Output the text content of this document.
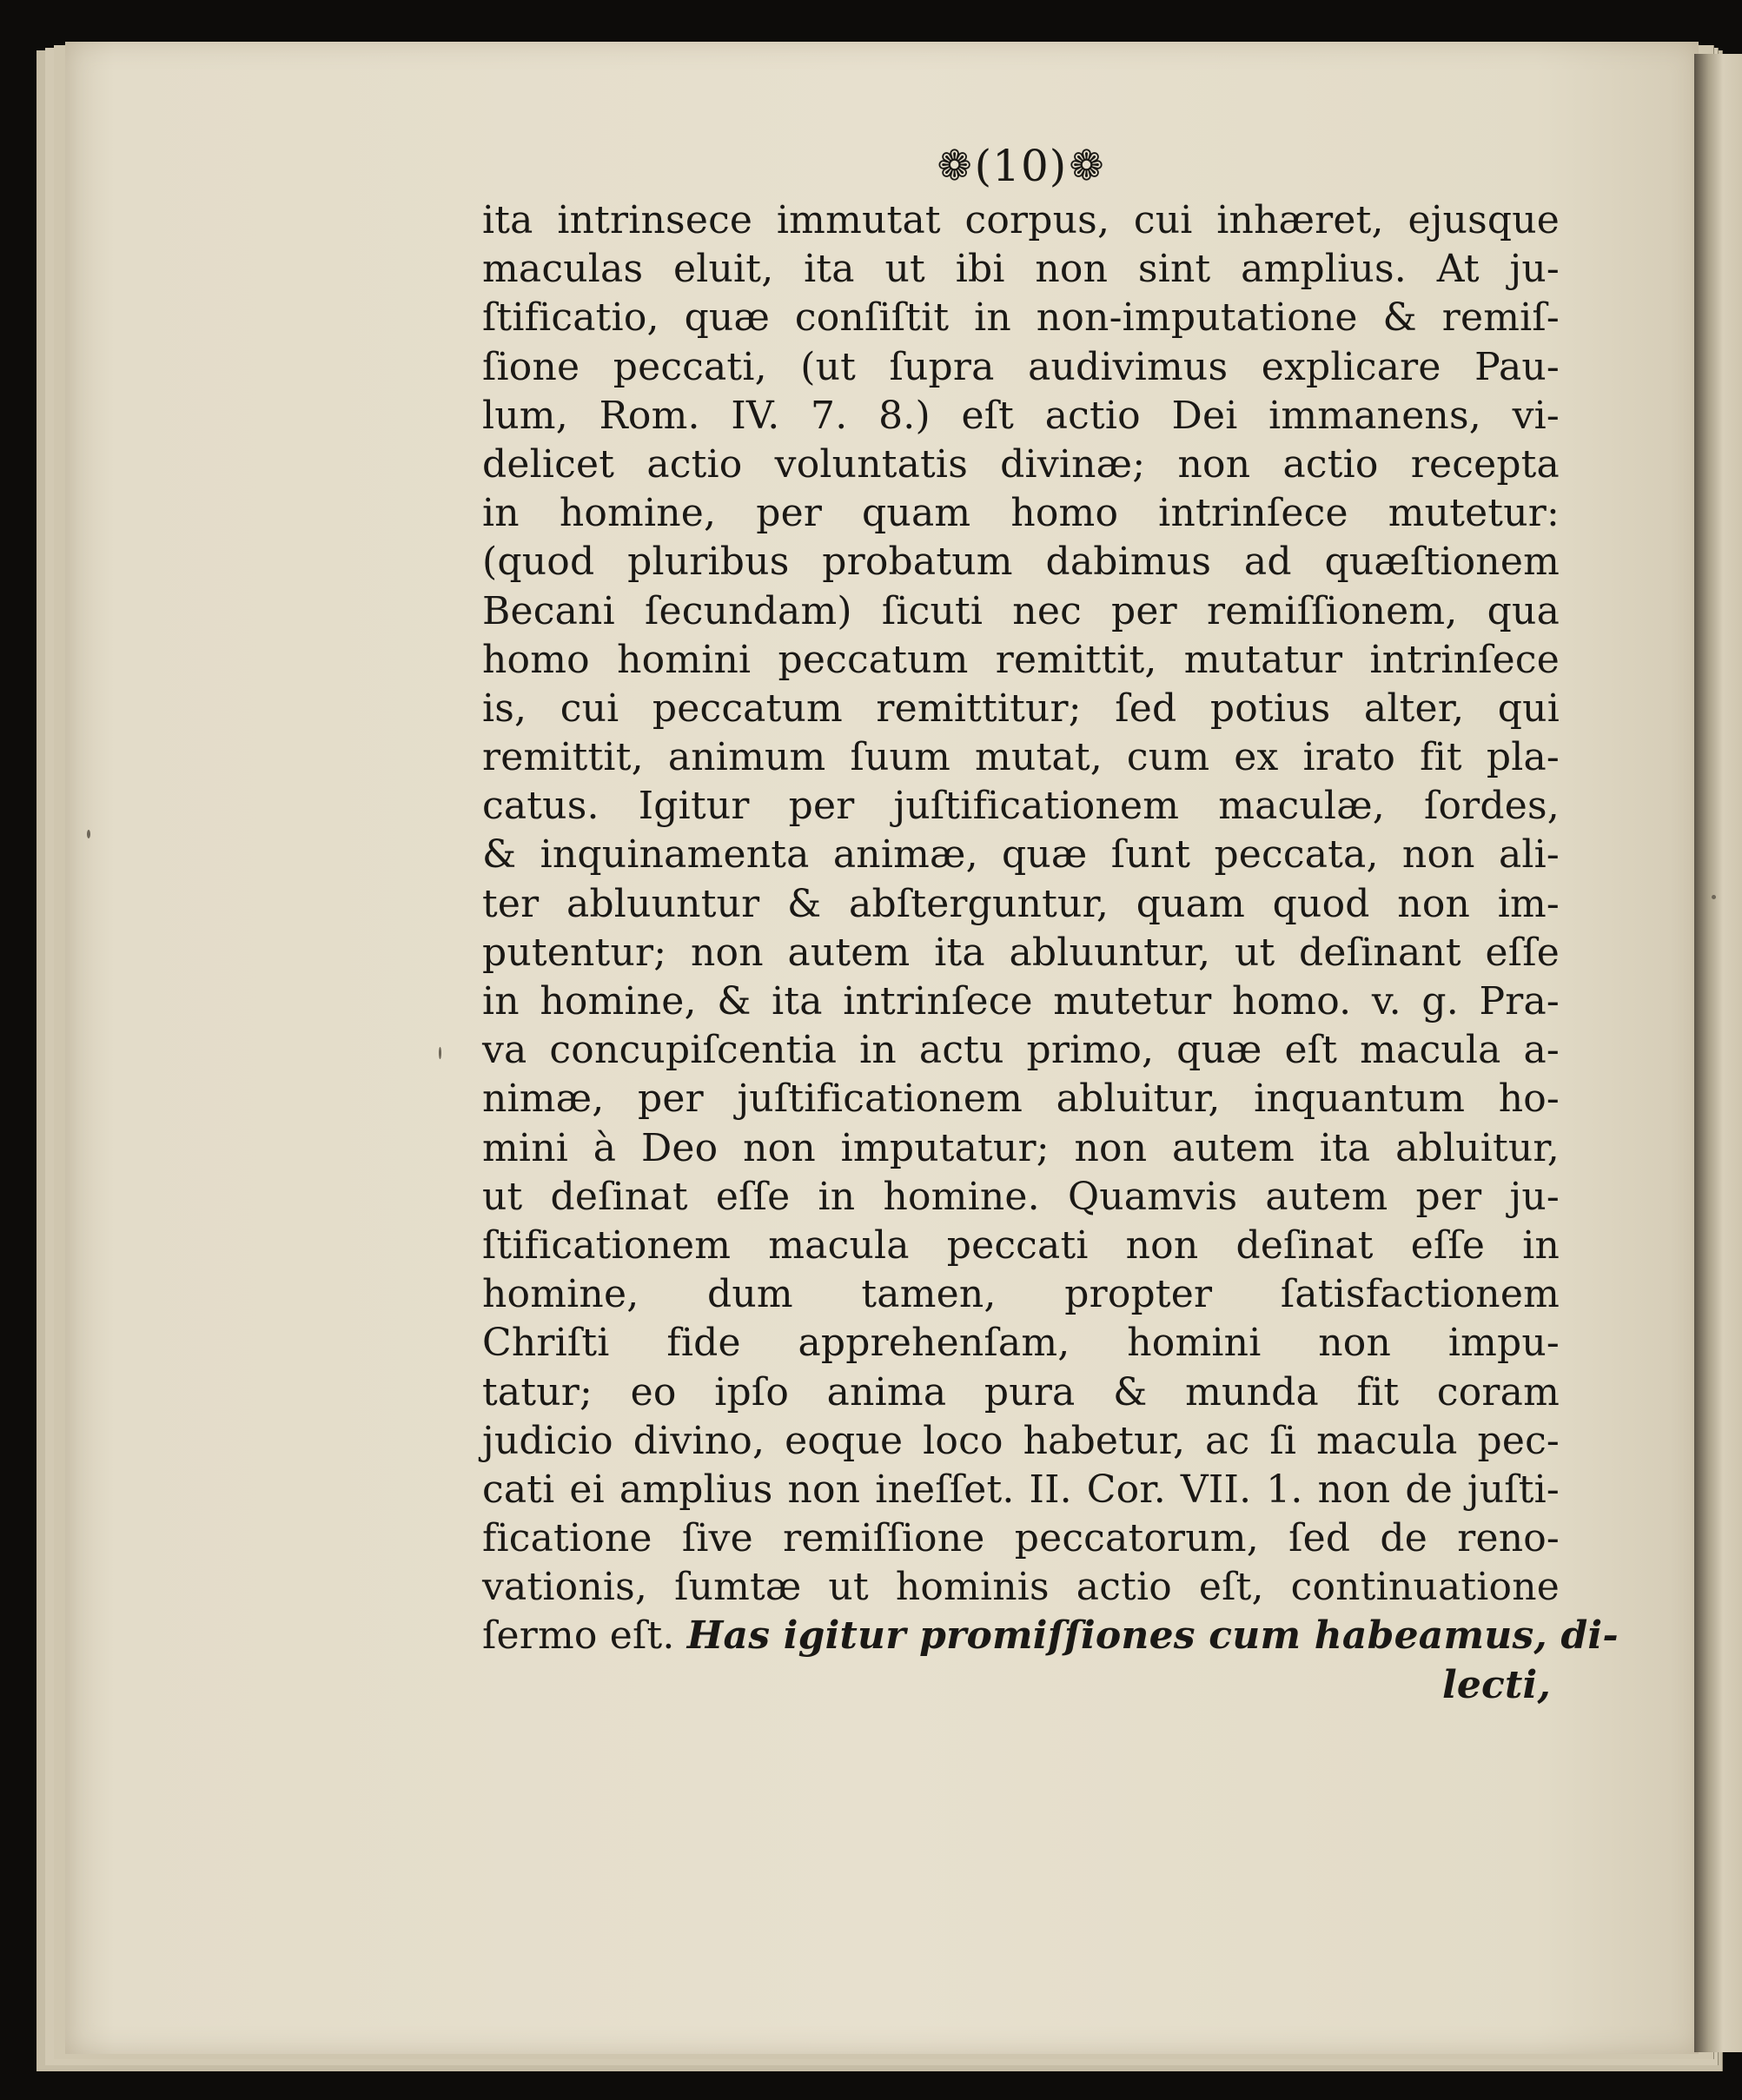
❁ (10) ❁
ita intrinsece immutat corpus, cui inhæret, ejusque
maculas eluit, ita ut ibi non sint amplius. At ju-
ſtificatio, quæ conſiſtit in non-imputatione & remiſ-
ſione peccati, (ut ſupra audivimus explicare Pau-
lum, Rom. IV. 7. 8.) eſt actio Dei immanens, vi-
delicet actio voluntatis divinæ; non actio recepta
in homine, per quam homo intrinſece mutetur:
(quod pluribus probatum dabimus ad quæſtionem
Becani ſecundam) ſicuti nec per remiſſionem, qua
homo homini peccatum remittit, mutatur intrinſece
is, cui peccatum remittitur; ſed potius alter, qui
remittit, animum ſuum mutat, cum ex irato fit pla-
catus. Igitur per juſtificationem maculæ, ſordes,
& inquinamenta animæ, quæ ſunt peccata, non ali-
ter abluuntur & abſterguntur, quam quod non im-
putentur; non autem ita abluuntur, ut deſinant eſſe
in homine, & ita intrinſece mutetur homo. v. g. Pra-
va concupiſcentia in actu primo, quæ eſt macula a-
nimæ, per juſtificationem abluitur, inquantum ho-
mini à Deo non imputatur; non autem ita abluitur,
ut deſinat eſſe in homine. Quamvis autem per ju-
ſtificationem macula peccati non deſinat eſſe in
homine, dum tamen, propter ſatisfactionem
Chriſti fide apprehenſam, homini non impu-
tatur; eo ipſo anima pura & munda fit coram
judicio divino, eoque loco habetur, ac ſi macula pec-
cati ei amplius non ineſſet. II. Cor. VII. 1. non de juſti-
ficatione ſive remiſſione peccatorum, ſed de reno-
vationis, ſumtæ ut hominis actio eſt, continuatione
ſermo eſt. Has igitur promiſſiones cum habeamus, di-
lecti,
